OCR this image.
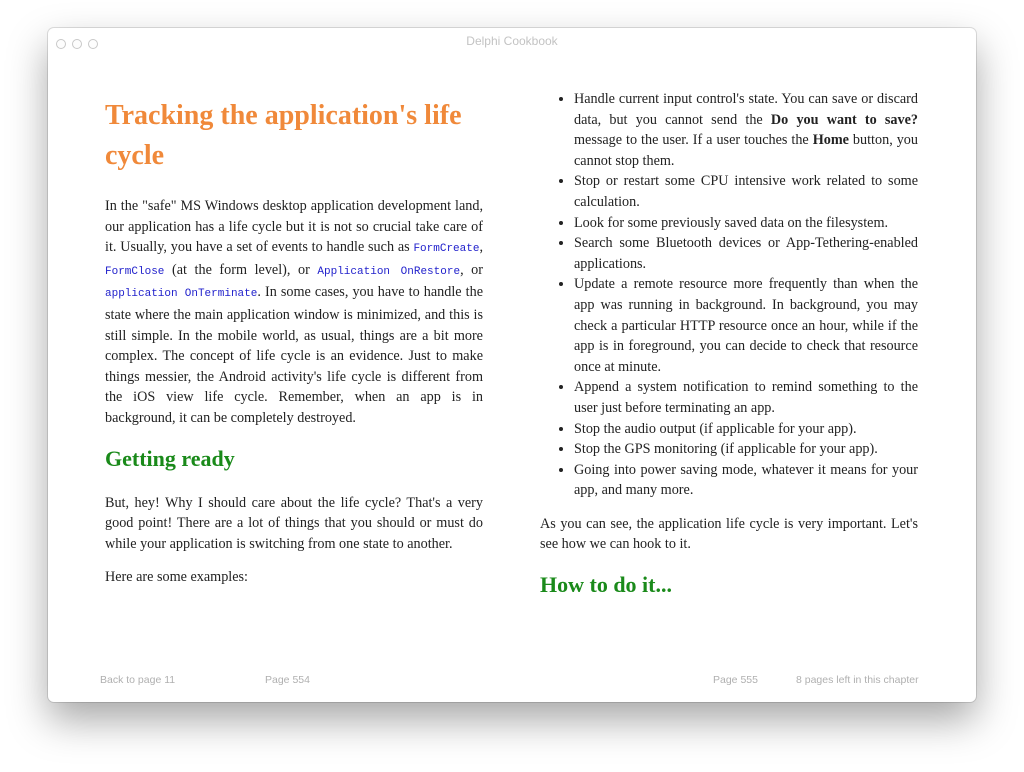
Delphi Cookbook
Tracking the application's life cycle

In the "safe" MS Windows desktop application development land, our application has a life cycle but it is not so crucial take care of it. Usually, you have a set of events to handle such as FormCreate, FormClose (at the form level), or Application OnRestore, or application OnTerminate. In some cases, you have to handle the state where the main application window is minimized, and this is still simple. In the mobile world, as usual, things are a bit more complex. The concept of life cycle is an evidence. Just to make things messier, the Android activity's life cycle is different from the iOS view life cycle. Remember, when an app is in background, it can be completely destroyed.

Getting ready

But, hey! Why I should care about the life cycle? That's a very good point! There are a lot of things that you should or must do while your application is switching from one state to another.

Here are some examples:

• Handle current input control's state. You can save or discard data, but you cannot send the Do you want to save? message to the user. If a user touches the Home button, you cannot stop them.
• Stop or restart some CPU intensive work related to some calculation.
• Look for some previously saved data on the filesystem.
• Search some Bluetooth devices or App-Tethering-enabled applications.
• Update a remote resource more frequently than when the app was running in background. In background, you may check a particular HTTP resource once an hour, while if the app is in foreground, you can decide to check that resource once at minute.
• Append a system notification to remind something to the user just before terminating an app.
• Stop the audio output (if applicable for your app).
• Stop the GPS monitoring (if applicable for your app).
• Going into power saving mode, whatever it means for your app, and many more.

As you can see, the application life cycle is very important. Let's see how we can hook to it.

How to do it...
Back to page 11	Page 554	Page 555	8 pages left in this chapter
